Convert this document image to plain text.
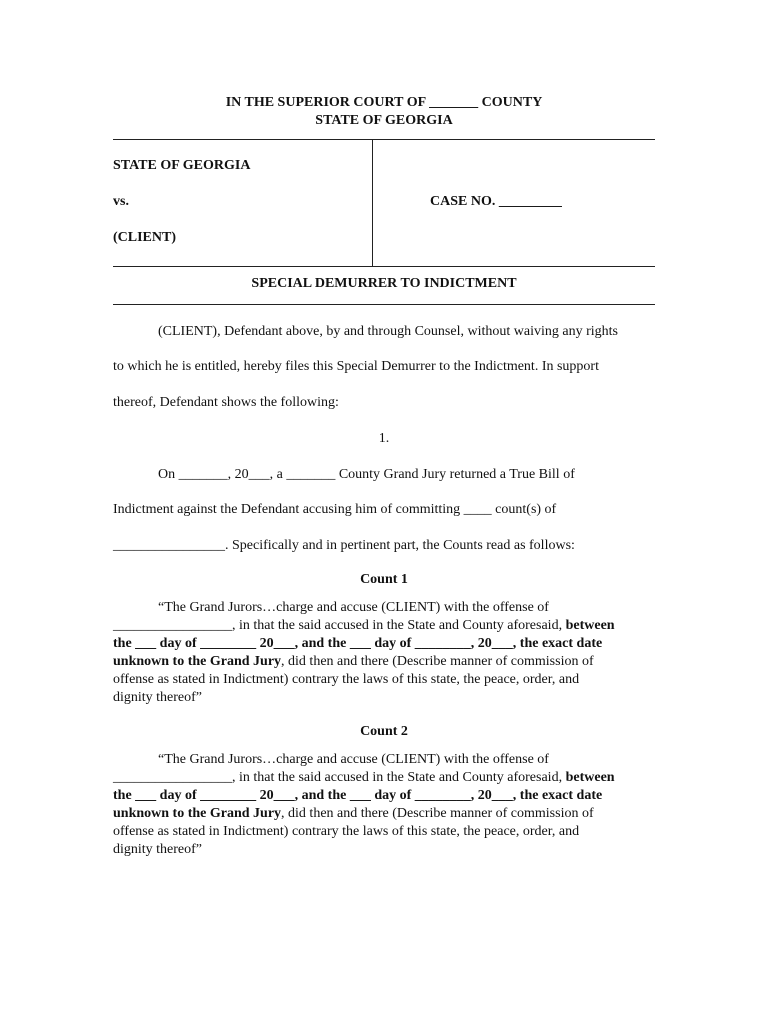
IN THE SUPERIOR COURT OF _______ COUNTY
STATE OF GEORGIA
STATE OF GEORGIA
vs.
(CLIENT)
CASE NO. _________
SPECIAL DEMURRER TO INDICTMENT
(CLIENT), Defendant above, by and through Counsel, without waiving any rights
to which he is entitled, hereby files this Special Demurrer to the Indictment. In support
thereof, Defendant shows the following:
1.
On _______, 20___, a _______ County Grand Jury returned a True Bill of
Indictment against the Defendant accusing him of committing ____ count(s) of
________________. Specifically and in pertinent part, the Counts read as follows:
Count 1
“The Grand Jurors…charge and accuse (CLIENT) with the offense of
_________________, in that the said accused in the State and County aforesaid, between
the ___ day of ________ 20___, and the ___ day of ________, 20___, the exact date
unknown to the Grand Jury, did then and there (Describe manner of commission of
offense as stated in Indictment) contrary the laws of this state, the peace, order, and
dignity thereof”
Count 2
“The Grand Jurors…charge and accuse (CLIENT) with the offense of
_________________, in that the said accused in the State and County aforesaid, between
the ___ day of ________ 20___, and the ___ day of ________, 20___, the exact date
unknown to the Grand Jury, did then and there (Describe manner of commission of
offense as stated in Indictment) contrary the laws of this state, the peace, order, and
dignity thereof”
